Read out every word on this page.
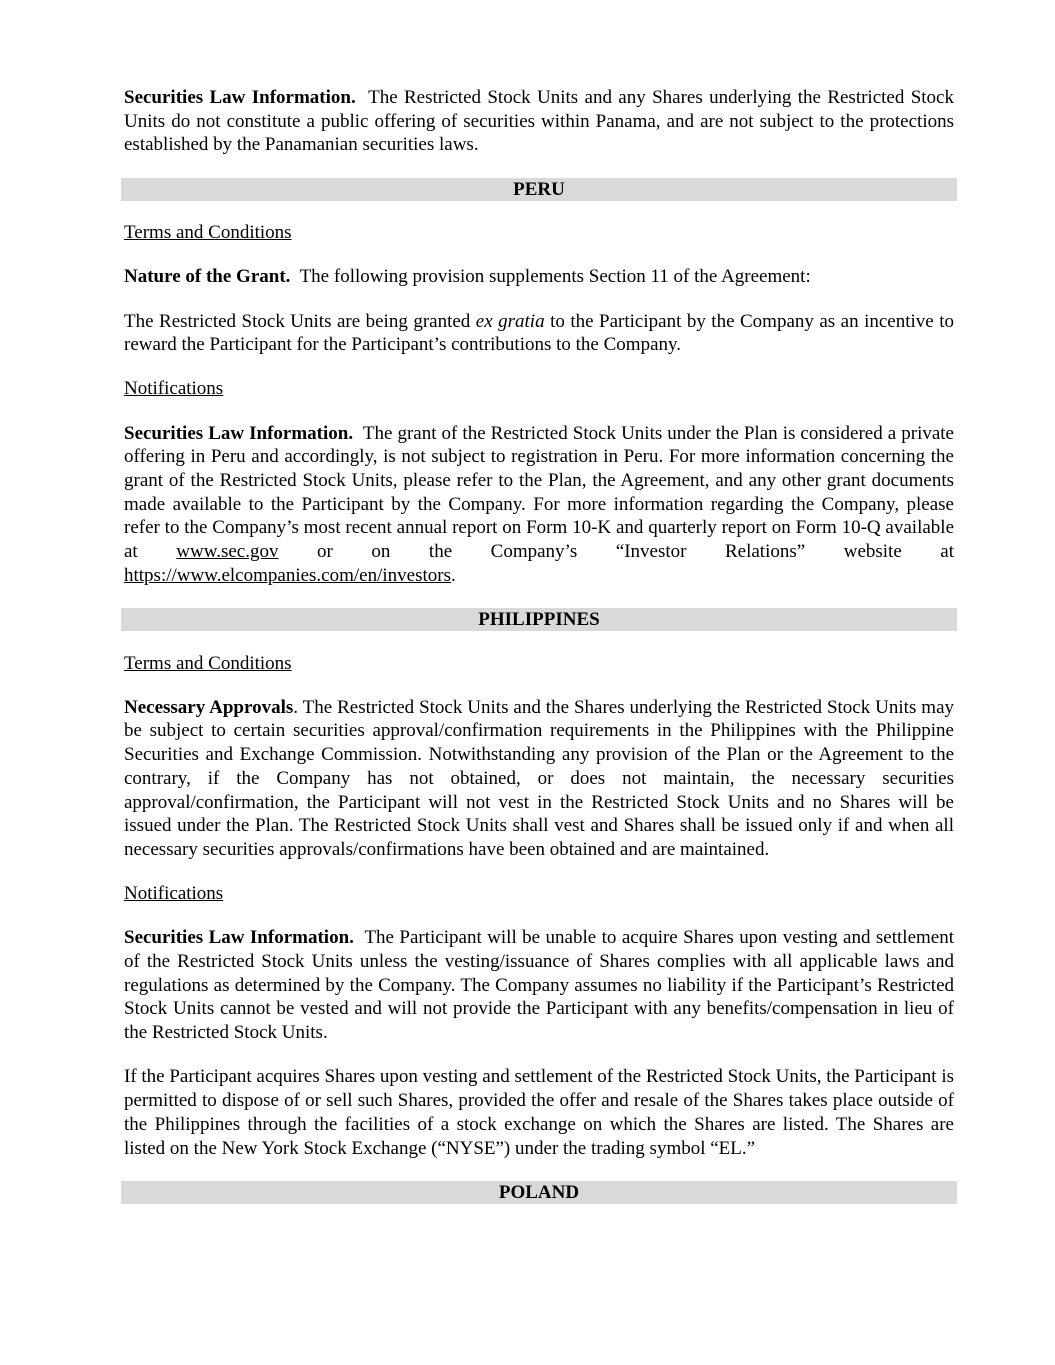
Securities Law Information. The Restricted Stock Units and any Shares underlying the Restricted Stock Units do not constitute a public offering of securities within Panama, and are not subject to the protections established by the Panamanian securities laws.

PERU

Terms and Conditions

Nature of the Grant. The following provision supplements Section 11 of the Agreement:

The Restricted Stock Units are being granted ex gratia to the Participant by the Company as an incentive to reward the Participant for the Participant’s contributions to the Company.

Notifications

Securities Law Information. The grant of the Restricted Stock Units under the Plan is considered a private offering in Peru and accordingly, is not subject to registration in Peru. For more information concerning the grant of the Restricted Stock Units, please refer to the Plan, the Agreement, and any other grant documents made available to the Participant by the Company. For more information regarding the Company, please refer to the Company’s most recent annual report on Form 10-K and quarterly report on Form 10-Q available at www.sec.gov or on the Company’s “Investor Relations” website at https://www.elcompanies.com/en/investors.

PHILIPPINES

Terms and Conditions

Necessary Approvals. The Restricted Stock Units and the Shares underlying the Restricted Stock Units may be subject to certain securities approval/confirmation requirements in the Philippines with the Philippine Securities and Exchange Commission. Notwithstanding any provision of the Plan or the Agreement to the contrary, if the Company has not obtained, or does not maintain, the necessary securities approval/confirmation, the Participant will not vest in the Restricted Stock Units and no Shares will be issued under the Plan. The Restricted Stock Units shall vest and Shares shall be issued only if and when all necessary securities approvals/confirmations have been obtained and are maintained.

Notifications

Securities Law Information. The Participant will be unable to acquire Shares upon vesting and settlement of the Restricted Stock Units unless the vesting/issuance of Shares complies with all applicable laws and regulations as determined by the Company. The Company assumes no liability if the Participant’s Restricted Stock Units cannot be vested and will not provide the Participant with any benefits/compensation in lieu of the Restricted Stock Units.

If the Participant acquires Shares upon vesting and settlement of the Restricted Stock Units, the Participant is permitted to dispose of or sell such Shares, provided the offer and resale of the Shares takes place outside of the Philippines through the facilities of a stock exchange on which the Shares are listed. The Shares are listed on the New York Stock Exchange (“NYSE”) under the trading symbol “EL.”

POLAND
